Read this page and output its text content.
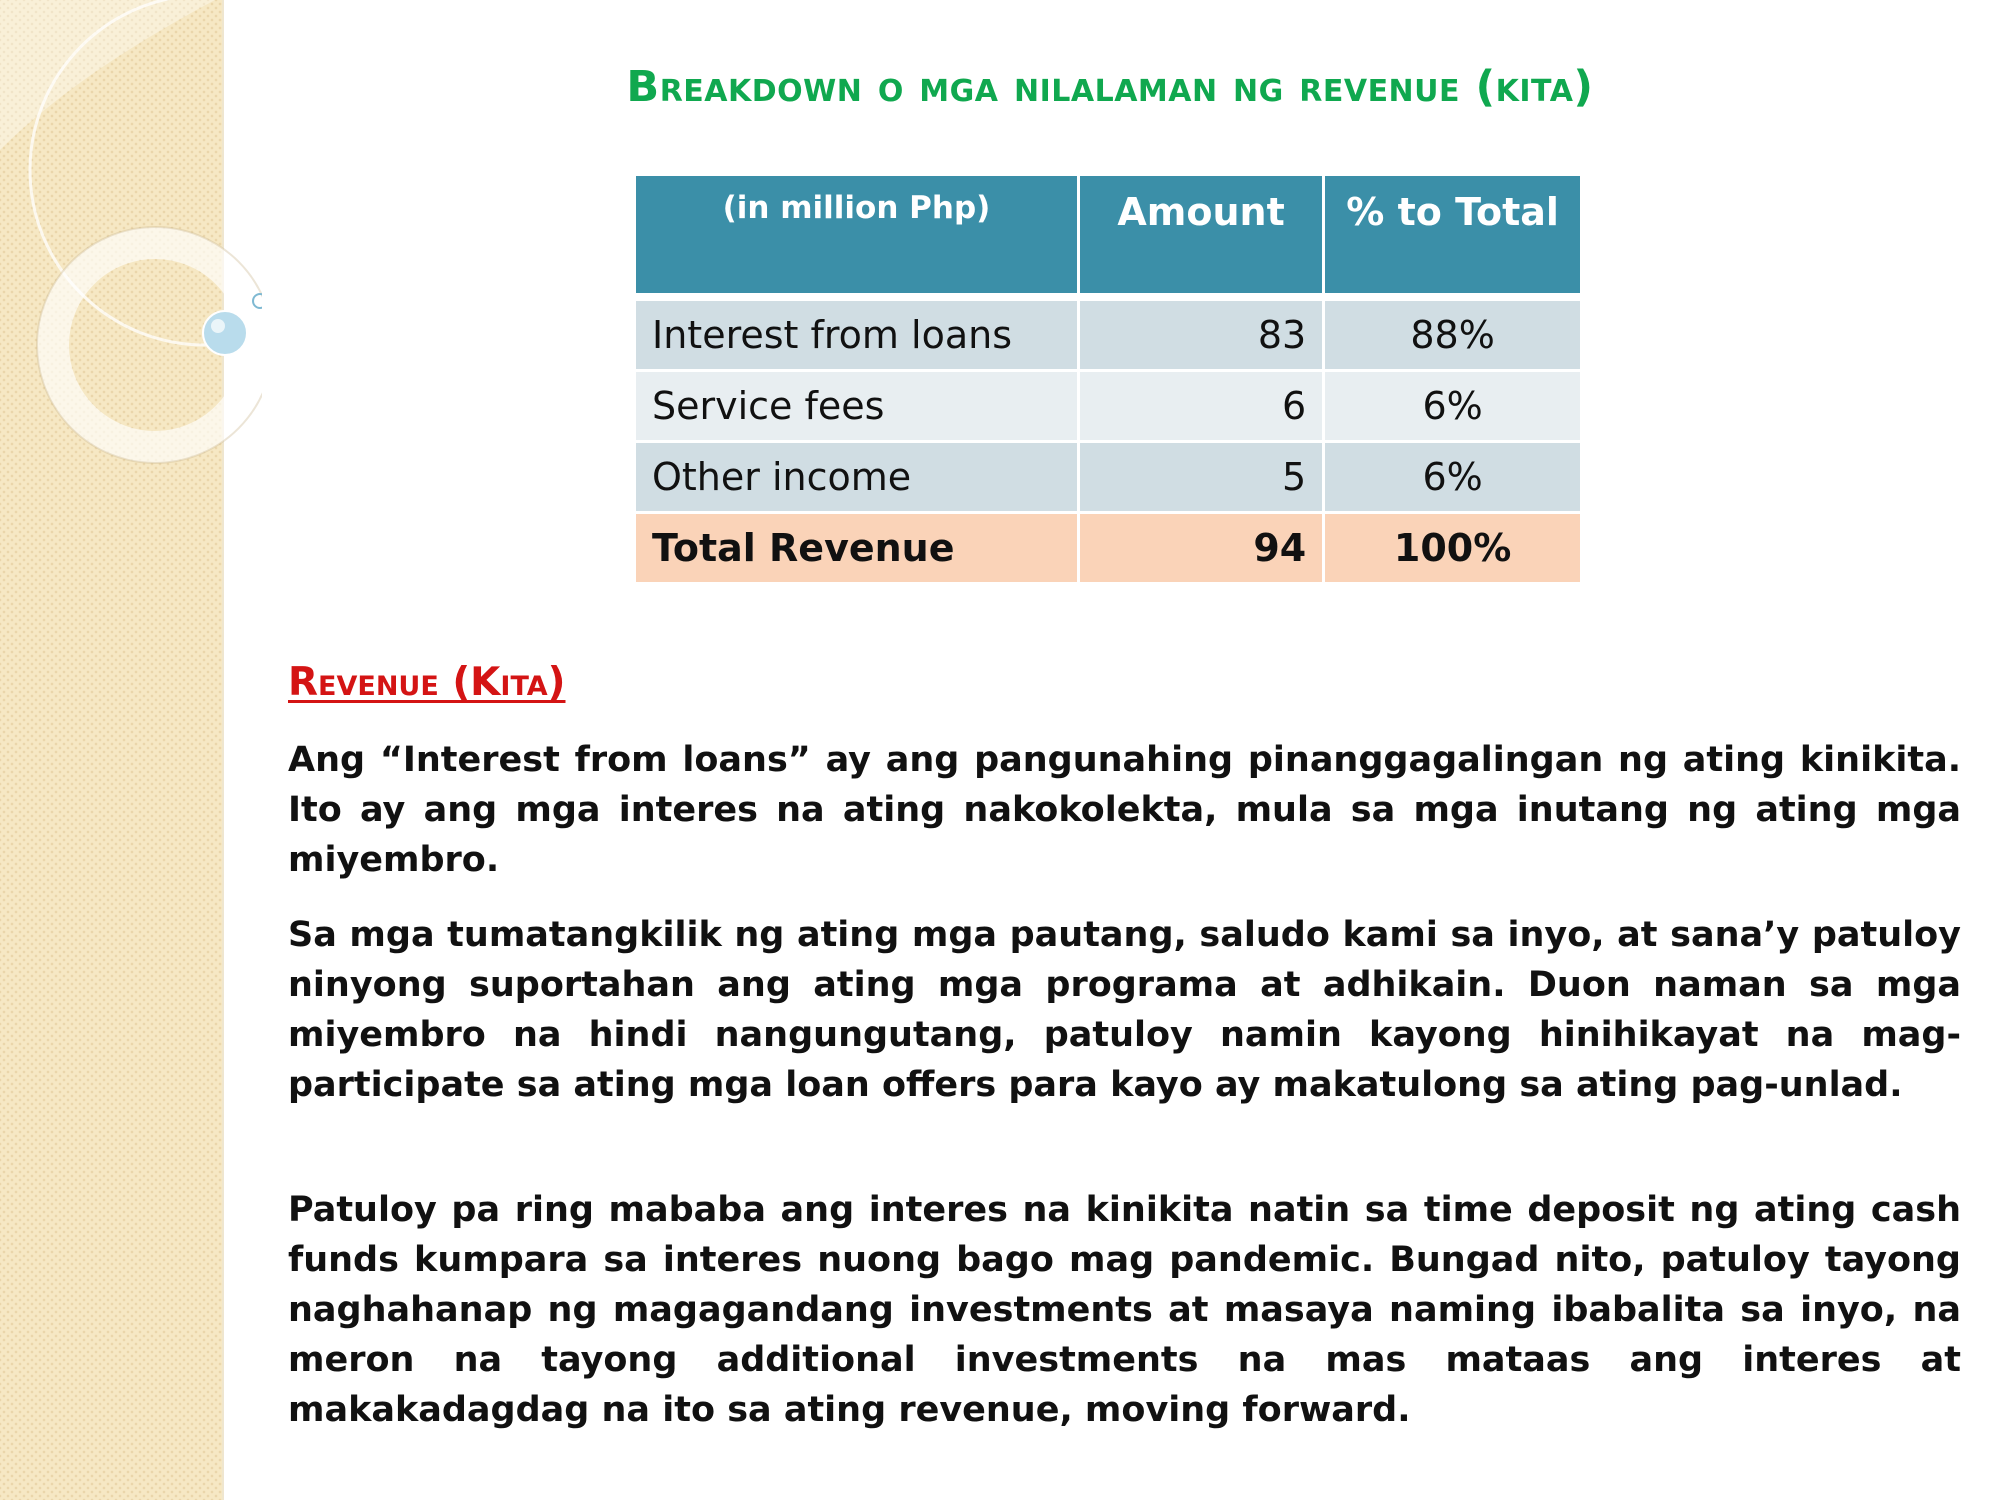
Breakdown o mga nilalaman ng revenue (kita)
(in million Php)	Amount	% to Total

Interest from loans	83	88%
Service fees	6	6%
Other income	5	6%
Total Revenue	94	100%
Revenue (Kita)

Ang “Interest from loans” ay ang pangunahing pinanggagalingan ng ating kinikita. Ito ay ang mga interes na ating nakokolekta, mula sa mga inutang ng ating mga miyembro.

Sa mga tumatangkilik ng ating mga pautang, saludo kami sa inyo, at sana’y patuloy ninyong suportahan ang ating mga programa at adhikain. Duon naman sa mga miyembro na hindi nangungutang, patuloy namin kayong hinihikayat na mag-participate sa ating mga loan offers para kayo ay makatulong sa ating pag-unlad.

Patuloy pa ring mababa ang interes na kinikita natin sa time deposit ng ating cash funds kumpara sa interes nuong bago mag pandemic. Bungad nito, patuloy tayong naghahanap ng magagandang investments at masaya naming ibabalita sa inyo, na meron na tayong additional investments na mas mataas ang interes at makakadagdag na ito sa ating revenue, moving forward.
